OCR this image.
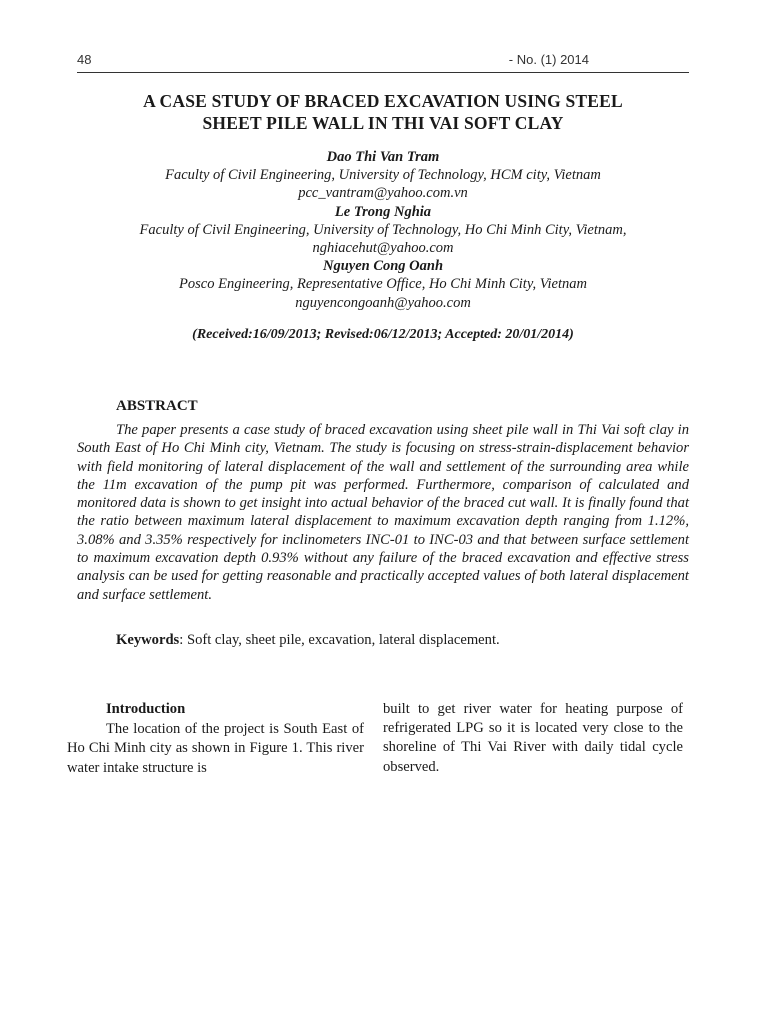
48	- No. (1) 2014
A CASE STUDY OF BRACED EXCAVATION USING STEEL
SHEET PILE WALL IN THI VAI SOFT CLAY
Dao Thi Van Tram
Faculty of Civil Engineering, University of Technology, HCM city, Vietnam
pcc_vantram@yahoo.com.vn
Le Trong Nghia
Faculty of Civil Engineering, University of Technology, Ho Chi Minh City, Vietnam,
nghiacehut@yahoo.com
Nguyen Cong Oanh
Posco Engineering, Representative Office, Ho Chi Minh City, Vietnam
nguyencongoanh@yahoo.com
(Received:16/09/2013; Revised:06/12/2013; Accepted: 20/01/2014)
ABSTRACT
The paper presents a case study of braced excavation using sheet pile wall in Thi Vai soft clay in South East of Ho Chi Minh city, Vietnam. The study is focusing on stress-strain-displacement behavior with field monitoring of lateral displacement of the wall and settlement of the surrounding area while the 11m excavation of the pump pit was performed. Furthermore, comparison of calculated and monitored data is shown to get insight into actual behavior of the braced cut wall. It is finally found that the ratio between maximum lateral displacement to maximum excavation depth ranging from 1.12%, 3.08% and 3.35% respectively for inclinometers INC-01 to INC-03 and that between surface settlement to maximum excavation depth 0.93% without any failure of the braced excavation and effective stress analysis can be used for getting reasonable and practically accepted values of both lateral displacement and surface settlement.
Keywords: Soft clay, sheet pile, excavation, lateral displacement.
Introduction
The location of the project is South East of Ho Chi Minh city as shown in Figure 1. This river water intake structure is
built to get river water for heating purpose of refrigerated LPG so it is located very close to the shoreline of Thi Vai River with daily tidal cycle observed.
